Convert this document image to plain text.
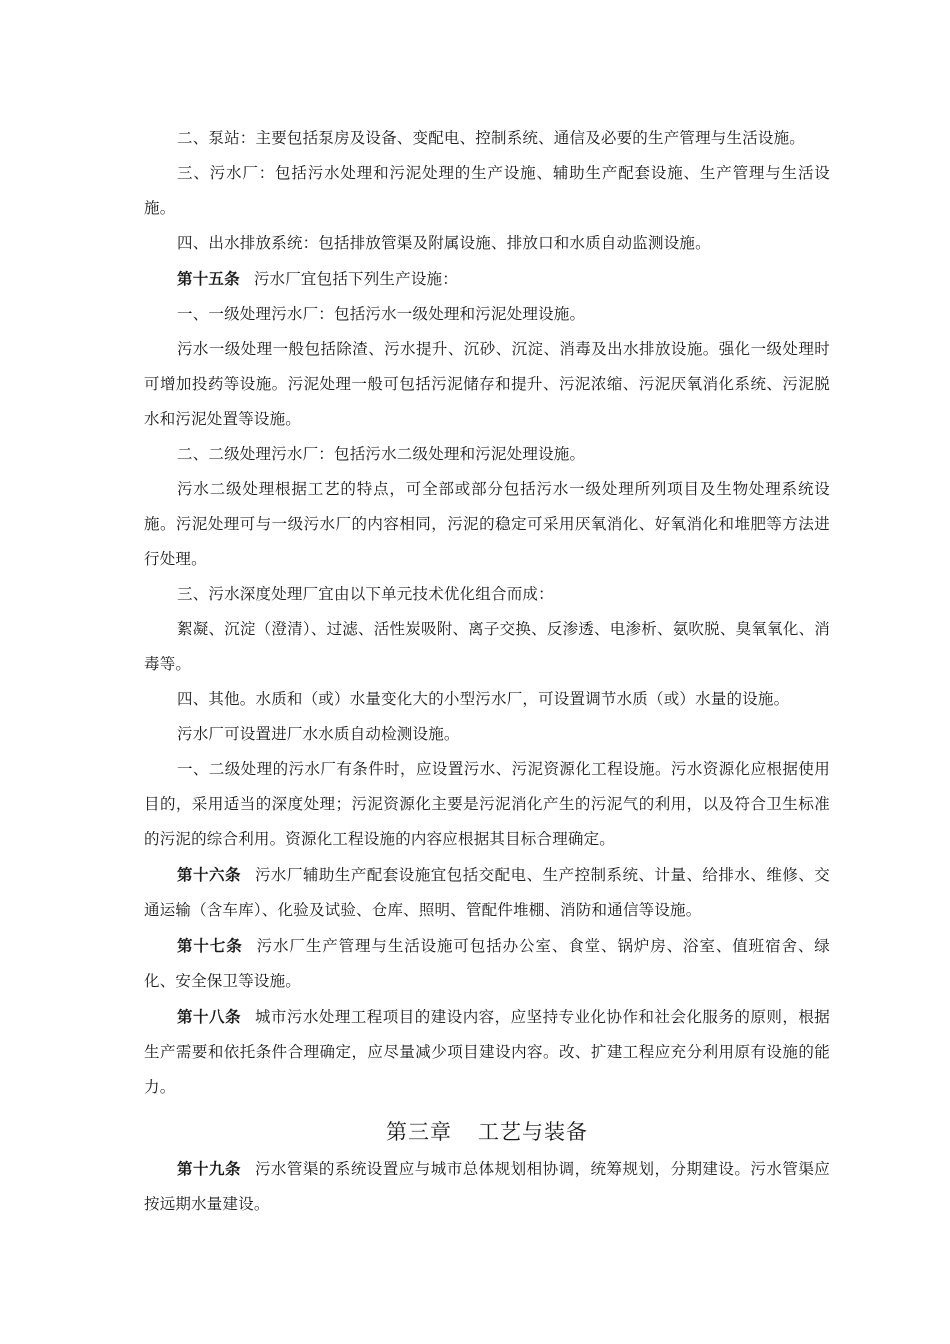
二、泵站：主要包括泵房及设备、变配电、控制系统、通信及必要的生产管理与生活设施。

三、污水厂：包括污水处理和污泥处理的生产设施、辅助生产配套设施、生产管理与生活设施。

四、出水排放系统：包括排放管渠及附属设施、排放口和水质自动监测设施。

第十五条 污水厂宜包括下列生产设施：

一、一级处理污水厂：包括污水一级处理和污泥处理设施。

污水一级处理一般包括除渣、污水提升、沉砂、沉淀、消毒及出水排放设施。强化一级处理时可增加投药等设施。污泥处理一般可包括污泥储存和提升、污泥浓缩、污泥厌氧消化系统、污泥脱水和污泥处置等设施。

二、二级处理污水厂：包括污水二级处理和污泥处理设施。

污水二级处理根据工艺的特点，可全部或部分包括污水一级处理所列项目及生物处理系统设施。污泥处理可与一级污水厂的内容相同，污泥的稳定可采用厌氧消化、好氧消化和堆肥等方法进行处理。

三、污水深度处理厂宜由以下单元技术优化组合而成：

絮凝、沉淀（澄清）、过滤、活性炭吸附、离子交换、反渗透、电渗析、氨吹脱、臭氧氧化、消毒等。

四、其他。水质和（或）水量变化大的小型污水厂，可设置调节水质（或）水量的设施。

污水厂可设置进厂水水质自动检测设施。

一、二级处理的污水厂有条件时，应设置污水、污泥资源化工程设施。污水资源化应根据使用目的，采用适当的深度处理；污泥资源化主要是污泥消化产生的污泥气的利用，以及符合卫生标准的污泥的综合利用。资源化工程设施的内容应根据其目标合理确定。

第十六条 污水厂辅助生产配套设施宜包括交配电、生产控制系统、计量、给排水、维修、交通运输（含车库）、化验及试验、仓库、照明、管配件堆棚、消防和通信等设施。

第十七条 污水厂生产管理与生活设施可包括办公室、食堂、锅炉房、浴室、值班宿舍、绿化、安全保卫等设施。

第十八条 城市污水处理工程项目的建设内容，应坚持专业化协作和社会化服务的原则，根据生产需要和依托条件合理确定，应尽量减少项目建设内容。改、扩建工程应充分利用原有设施的能力。

第三章 工艺与装备

第十九条 污水管渠的系统设置应与城市总体规划相协调，统筹规划，分期建设。污水管渠应按远期水量建设。
